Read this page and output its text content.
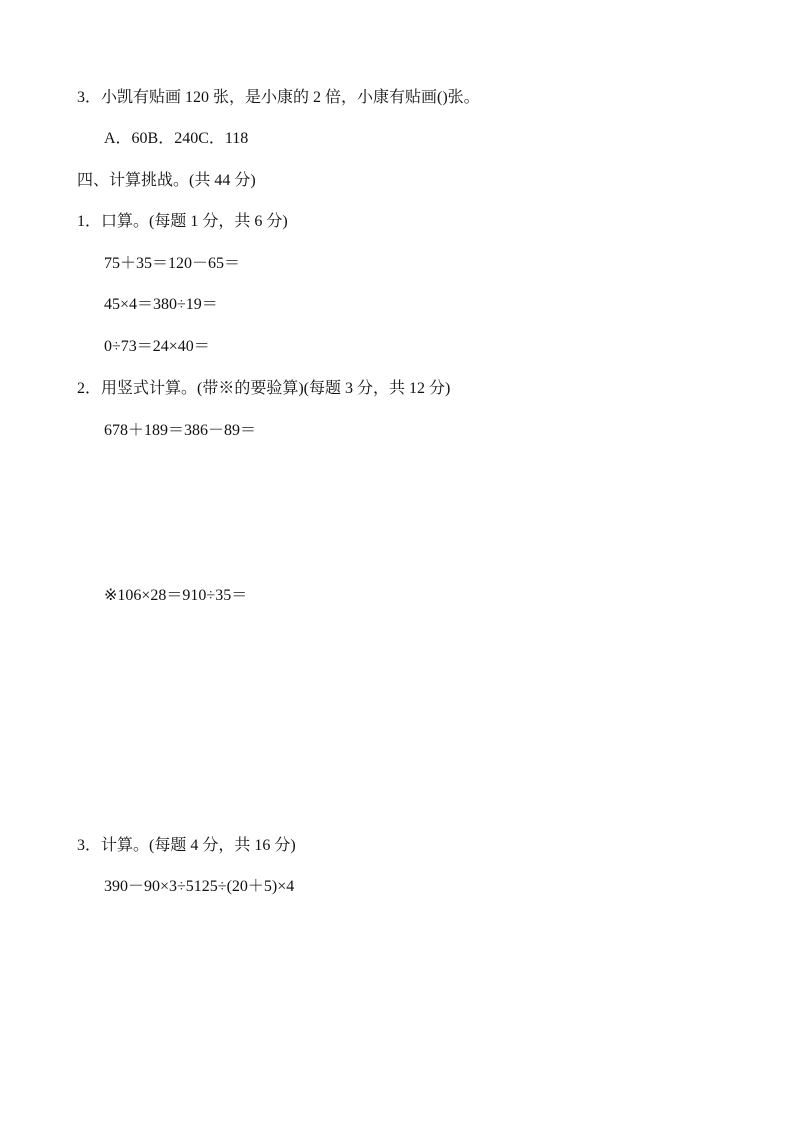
3．小凯有贴画 120 张，是小康的 2 倍，小康有贴画()张。
A．60B．240C．118
四、计算挑战。(共 44 分)
1．口算。(每题 1 分，共 6 分)
75＋35＝120－65＝
45×4＝380÷19＝
0÷73＝24×40＝
2．用竖式计算。(带※的要验算)(每题 3 分，共 12 分)
678＋189＝386－89＝
※106×28＝910÷35＝
3．计算。(每题 4 分，共 16 分)
390－90×3÷5125÷(20＋5)×4
